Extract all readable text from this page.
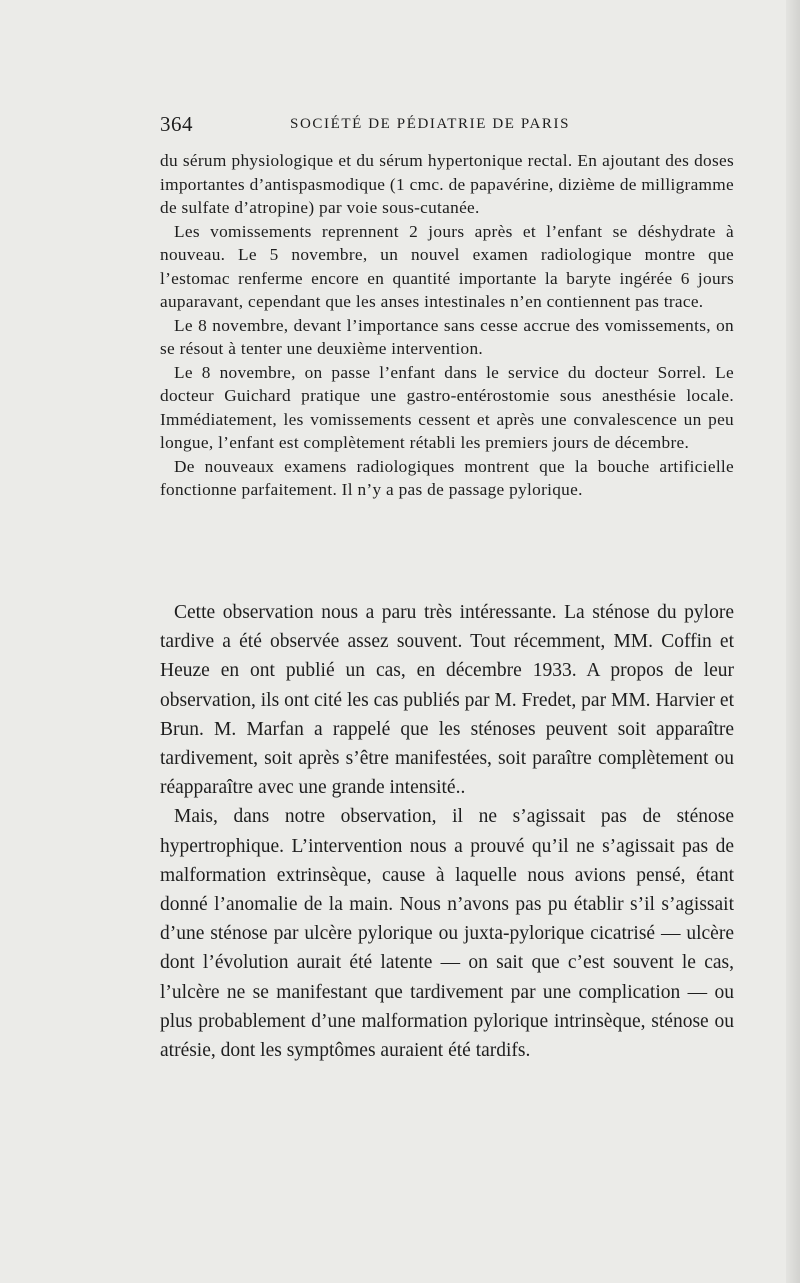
364	SOCIÉTÉ DE PÉDIATRIE DE PARIS

du sérum physiologique et du sérum hypertonique rectal. En ajoutant des doses importantes d’antispasmodique (1 cmc. de papavérine, dizième de milligramme de sulfate d’atropine) par voie sous-cutanée.

Les vomissements reprennent 2 jours après et l’enfant se déshydrate à nouveau. Le 5 novembre, un nouvel examen radiologique montre que l’estomac renferme encore en quantité importante la baryte ingérée 6 jours auparavant, cependant que les anses intestinales n’en contiennent pas trace.

Le 8 novembre, devant l’importance sans cesse accrue des vomissements, on se résout à tenter une deuxième intervention.

Le 8 novembre, on passe l’enfant dans le service du docteur Sorrel. Le docteur Guichard pratique une gastro-entérostomie sous anesthésie locale. Immédiatement, les vomissements cessent et après une convalescence un peu longue, l’enfant est complètement rétabli les premiers jours de décembre.

De nouveaux examens radiologiques montrent que la bouche artificielle fonctionne parfaitement. Il n’y a pas de passage pylorique.

Cette observation nous a paru très intéressante. La sténose du pylore tardive a été observée assez souvent. Tout récemment, MM. Coffin et Heuze en ont publié un cas, en décembre 1933. A propos de leur observation, ils ont cité les cas publiés par M. Fredet, par MM. Harvier et Brun. M. Marfan a rappelé que les sténoses peuvent soit apparaître tardivement, soit après s’être manifestées, soit paraître complètement ou réapparaître avec une grande intensité..

Mais, dans notre observation, il ne s’agissait pas de sténose hypertrophique. L’intervention nous a prouvé qu’il ne s’agissait pas de malformation extrinsèque, cause à laquelle nous avions pensé, étant donné l’anomalie de la main. Nous n’avons pas pu établir s’il s’agissait d’une sténose par ulcère pylorique ou juxta-pylorique cicatrisé — ulcère dont l’évolution aurait été latente — on sait que c’est souvent le cas, l’ulcère ne se manifestant que tardivement par une complication — ou plus probablement d’une malformation pylorique intrinsèque, sténose ou atrésie, dont les symptômes auraient été tardifs.
